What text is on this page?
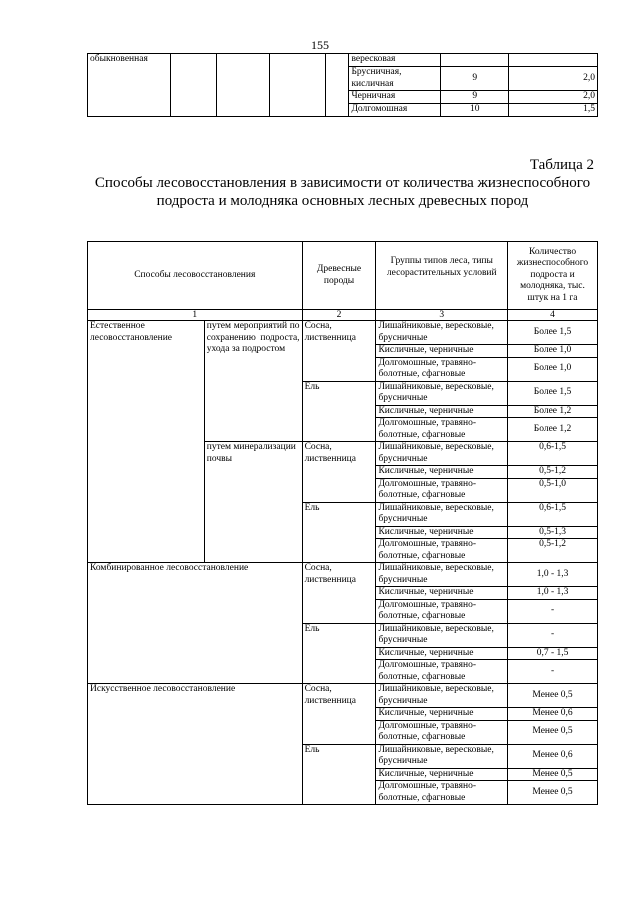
155
обыкновенная					вересковая		
					Брусничная, кисличная	9	2,0
					Черничная	9	2,0
					Долгомошная	10	1,5
Таблица 2
Способы лесовосстановления в зависимости от количества жизнеспособного подроста и молодняка основных лесных древесных пород
Способы лесовосстановления		Древесные породы	Группы типов леса, типы лесорастительных условий	Количество жизнеспособного подроста и молодняка, тыс. штук на 1 га
1		2	3	4
Естественное лесовосстановление	путем мероприятий по сохранению подроста, ухода за подростом	Сосна, лиственница	Лишайниковые, вересковые, брусничные	Более 1,5
			Кисличные, черничные	Более 1,0
			Долгомошные, травяно-болотные, сфагновые	Более 1,0
		Ель	Лишайниковые, вересковые, брусничные	Более 1,5
			Кисличные, черничные	Более 1,2
			Долгомошные, травяно-болотные, сфагновые	Более 1,2
	путем минерализации почвы	Сосна, лиственница	Лишайниковые, вересковые, брусничные	0,6-1,5
			Кисличные, черничные	0,5-1,2
			Долгомошные, травяно-болотные, сфагновые	0,5-1,0
		Ель	Лишайниковые, вересковые, брусничные	0,6-1,5
			Кисличные, черничные	0,5-1,3
			Долгомошные, травяно-болотные, сфагновые	0,5-1,2
Комбинированное лесовосстановление		Сосна, лиственница	Лишайниковые, вересковые, брусничные	1,0 - 1,3
			Кисличные, черничные	1,0 - 1,3
			Долгомошные, травяно-болотные, сфагновые	-
		Ель	Лишайниковые, вересковые, брусничные	-
			Кисличные, черничные	0,7 - 1,5
			Долгомошные, травяно-болотные, сфагновые	-
Искусственное лесовосстановление		Сосна, лиственница	Лишайниковые, вересковые, брусничные	Менее 0,5
			Кисличные, черничные	Менее 0,6
			Долгомошные, травяно-болотные, сфагновые	Менее 0,5
		Ель	Лишайниковые, вересковые, брусничные	Менее 0,6
			Кисличные, черничные	Менее 0,5
			Долгомошные, травяно-болотные, сфагновые	Менее 0,5
